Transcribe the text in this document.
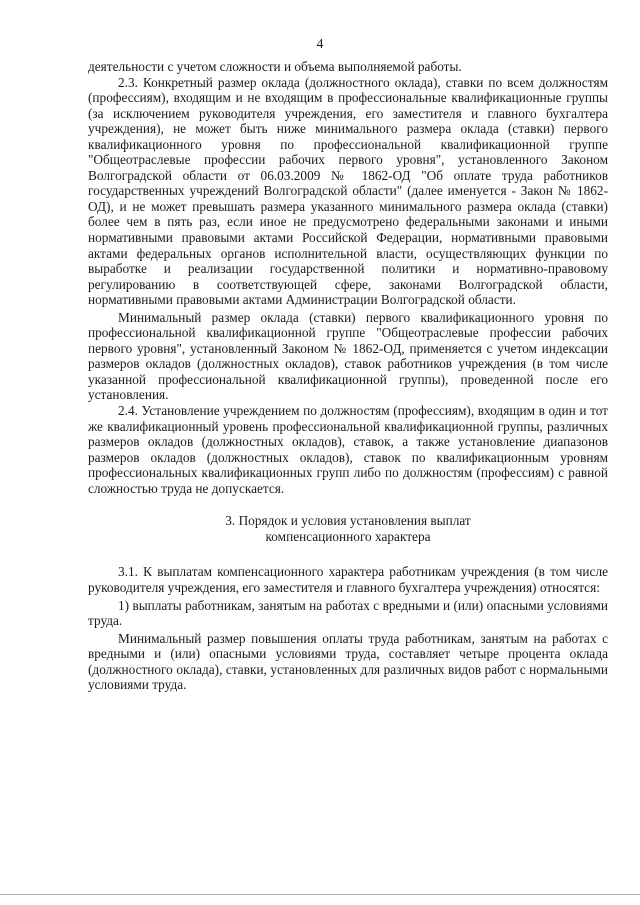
4

деятельности с учетом сложности и объема выполняемой работы.

2.3. Конкретный размер оклада (должностного оклада), ставки по всем должностям (профессиям), входящим и не входящим в профессиональные квалификационные группы (за исключением руководителя учреждения, его заместителя и главного бухгалтера учреждения), не может быть ниже минимального размера оклада (ставки) первого квалификационного уровня по профессиональной квалификационной группе "Общеотраслевые профессии рабочих первого уровня", установленного Законом Волгоградской области от 06.03.2009 № 1862-ОД "Об оплате труда работников государственных учреждений Волгоградской области" (далее именуется - Закон № 1862-ОД), и не может превышать размера указанного минимального размера оклада (ставки) более чем в пять раз, если иное не предусмотрено федеральными законами и иными нормативными правовыми актами Российской Федерации, нормативными правовыми актами федеральных органов исполнительной власти, осуществляющих функции по выработке и реализации государственной политики и нормативно-правовому регулированию в соответствующей сфере, законами Волгоградской области, нормативными правовыми актами Администрации Волгоградской области.

Минимальный размер оклада (ставки) первого квалификационного уровня по профессиональной квалификационной группе "Общеотраслевые профессии рабочих первого уровня", установленный Законом № 1862-ОД, применяется с учетом индексации размеров окладов (должностных окладов), ставок работников учреждения (в том числе указанной профессиональной квалификационной группы), проведенной после его установления.

2.4. Установление учреждением по должностям (профессиям), входящим в один и тот же квалификационный уровень профессиональной квалификационной группы, различных размеров окладов (должностных окладов), ставок, а также установление диапазонов размеров окладов (должностных окладов), ставок по квалификационным уровням профессиональных квалификационных групп либо по должностям (профессиям) с равной сложностью труда не допускается.

3. Порядок и условия установления выплат
компенсационного характера

3.1. К выплатам компенсационного характера работникам учреждения (в том числе руководителя учреждения, его заместителя и главного бухгалтера учреждения) относятся:

1) выплаты работникам, занятым на работах с вредными и (или) опасными условиями труда.

Минимальный размер повышения оплаты труда работникам, занятым на работах с вредными и (или) опасными условиями труда, составляет четыре процента оклада (должностного оклада), ставки, установленных для различных видов работ с нормальными условиями труда.
